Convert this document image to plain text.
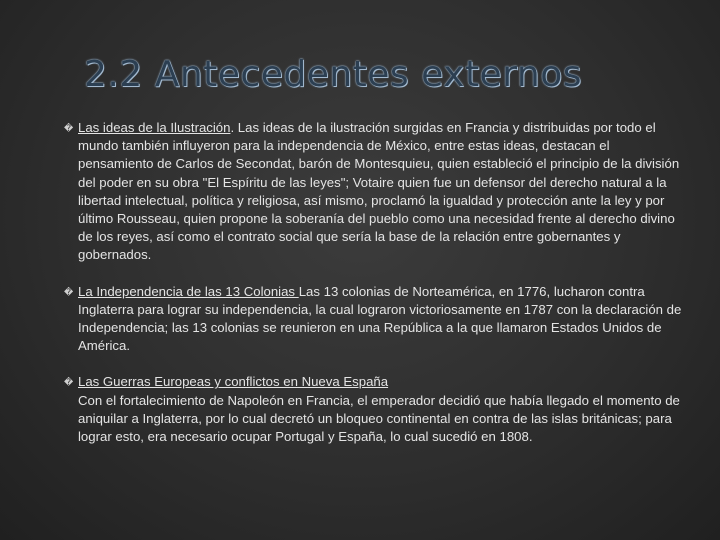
2.2 Antecedentes externos
� Las ideas de la Ilustración. Las ideas de la ilustración surgidas en Francia y distribuidas por todo el mundo también influyeron para la independencia de México, entre estas ideas, destacan el pensamiento de Carlos de Secondat, barón de Montesquieu, quien estableció el principio de la división del poder en su obra "El Espíritu de las leyes"; Votaire quien fue un defensor del derecho natural a la libertad intelectual, política y religiosa, así mismo, proclamó la igualdad y protección ante la ley y por último Rousseau, quien propone la soberanía del pueblo como una necesidad frente al derecho divino de los reyes, así como el contrato social que sería la base de la relación entre gobernantes y gobernados.
� La Independencia de las 13 Colonias Las 13 colonias de Norteamérica, en 1776, lucharon contra Inglaterra para lograr su independencia, la cual lograron victoriosamente en 1787 con la declaración de Independencia; las 13 colonias se reunieron en una República a la que llamaron Estados Unidos de América.
� Las Guerras Europeas y conflictos en Nueva España
Con el fortalecimiento de Napoleón en Francia, el emperador decidió que había llegado el momento de aniquilar a Inglaterra, por lo cual decretó un bloqueo continental en contra de las islas británicas; para lograr esto, era necesario ocupar Portugal y España, lo cual sucedió en 1808.
